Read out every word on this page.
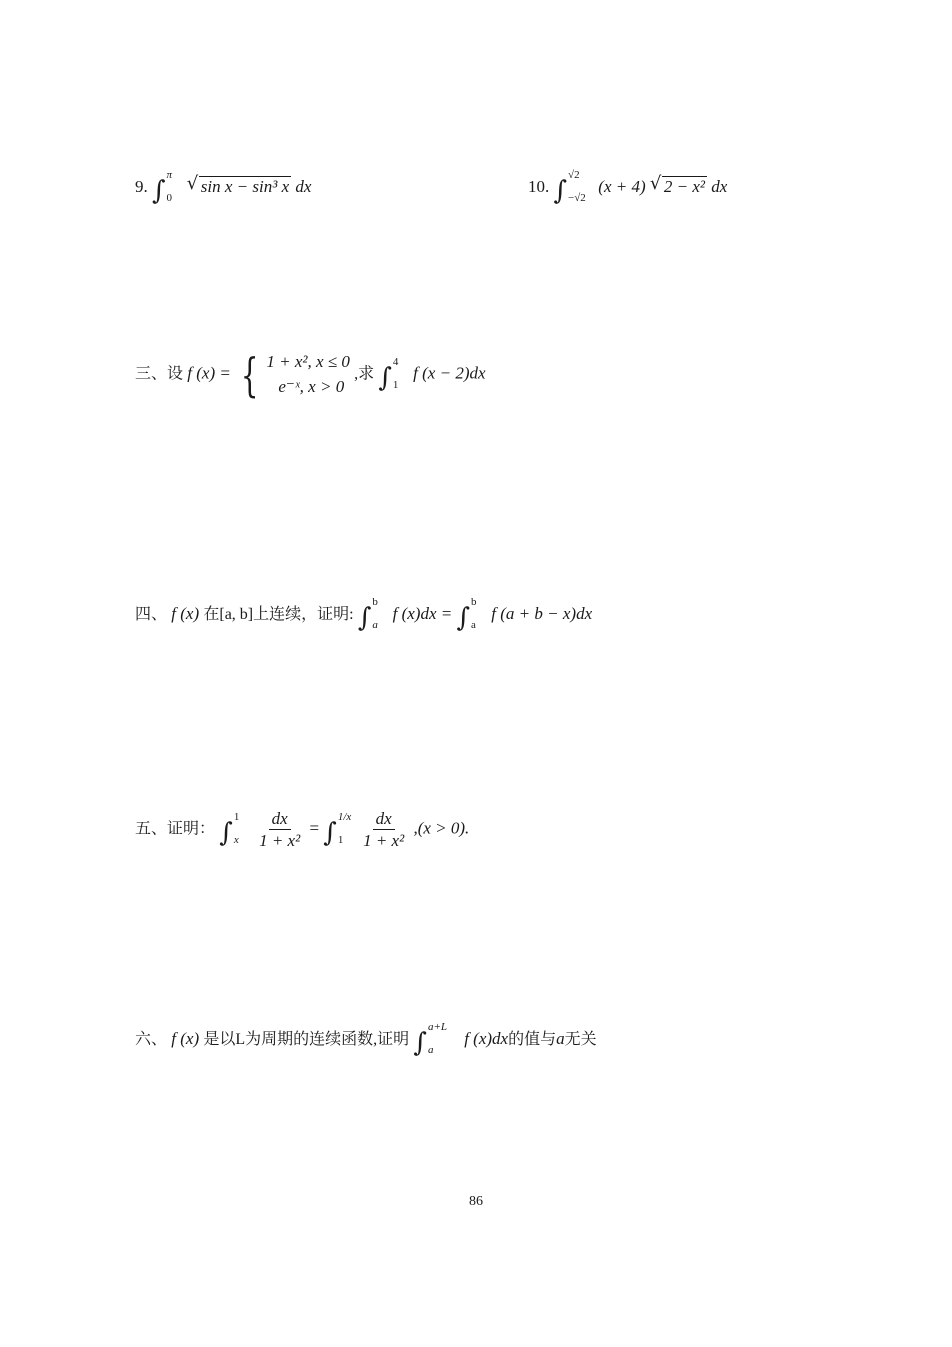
9. ∫
π
0

√ sin x − sin³ x dx	10. ∫
√2
−√2
(x + 4) √ 2 − x² dx
三、设 f (x) = { 1 + x², x ≤ 0
e⁻ˣ, x > 0
,求 ∫
4
1
f (x − 2)dx
四、 f (x) 在[a, b]上连续，证明: ∫
b
a
f (x)dx = ∫
b
a
f (a + b − x)dx
五、证明： ∫
1
x
$\frac{dx}{\text{1 + x²}}$ = ∫
1/x
1
$\frac{dx}{\text{1 + x²}} ,(x > 0)$.
六、 f (x) 是以L为周期的连续函数,证明 ∫
a+L
a
f (x)dx的值与a无关
86
